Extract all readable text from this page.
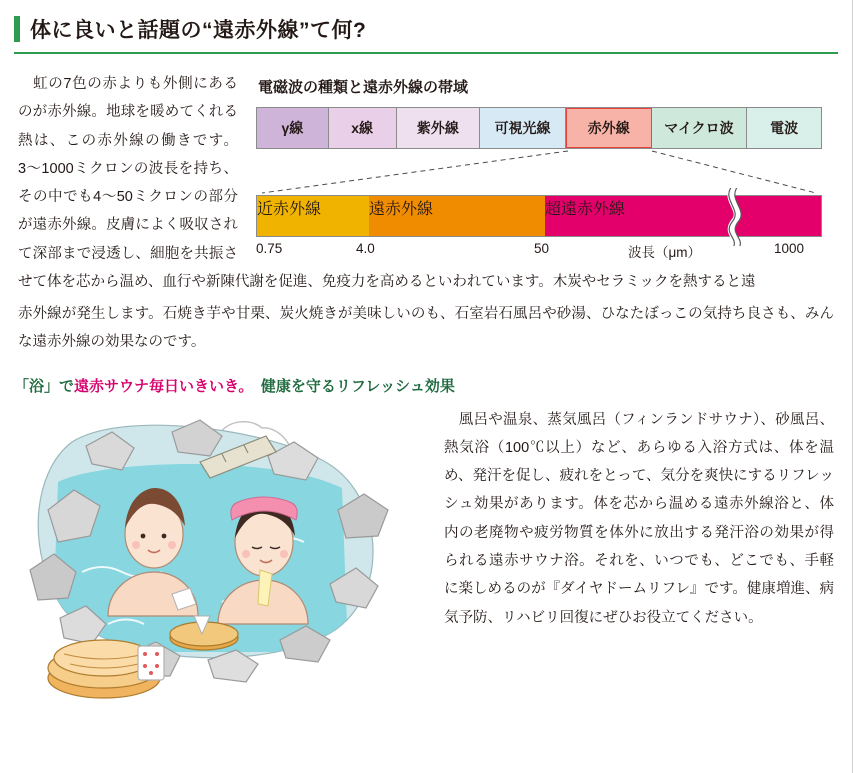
体に良いと話題の“遠赤外線”て何?
電磁波の種類と遠赤外線の帯域
γ線	x線	紫外線	可視光線	赤外線	マイクロ波	電波
近赤外線	遠赤外線	超遠赤外線
0.75	4.0	50	波長（μm）	1000
　虹の7色の赤よりも外側にあるのが赤外線。地球を暖めてくれる熱は、この赤外線の働きです。3〜1000ミクロンの波長を持ち、その中でも4〜50ミクロンの部分が遠赤外線。皮膚によく吸収されて深部まで浸透し、細胞を共振させて体を芯から温め、血行や新陳代謝を促進、免疫力を高めるといわれています。木炭やセラミックを熱すると遠
赤外線が発生します。石焼き芋や甘栗、炭火焼きが美味しいのも、石室岩石風呂や砂湯、ひなたぼっこの気持ち良さも、みんな遠赤外線の効果なのです。
「浴」で遠赤サウナ毎日いきいき。　健康を守るリフレッシュ効果
　風呂や温泉、蒸気風呂（フィンランドサウナ）、砂風呂、熱気浴（100℃以上）など、あらゆる入浴方式は、体を温め、発汗を促し、疲れをとって、気分を爽快にするリフレッシュ効果があります。体を芯から温める遠赤外線浴と、体内の老廃物や疲労物質を体外に放出する発汗浴の効果が得られる遠赤サウナ浴。それを、いつでも、どこでも、手軽に楽しめるのが『ダイヤドームリフレ』です。健康増進、病気予防、リハビリ回復にぜひお役立てください。
